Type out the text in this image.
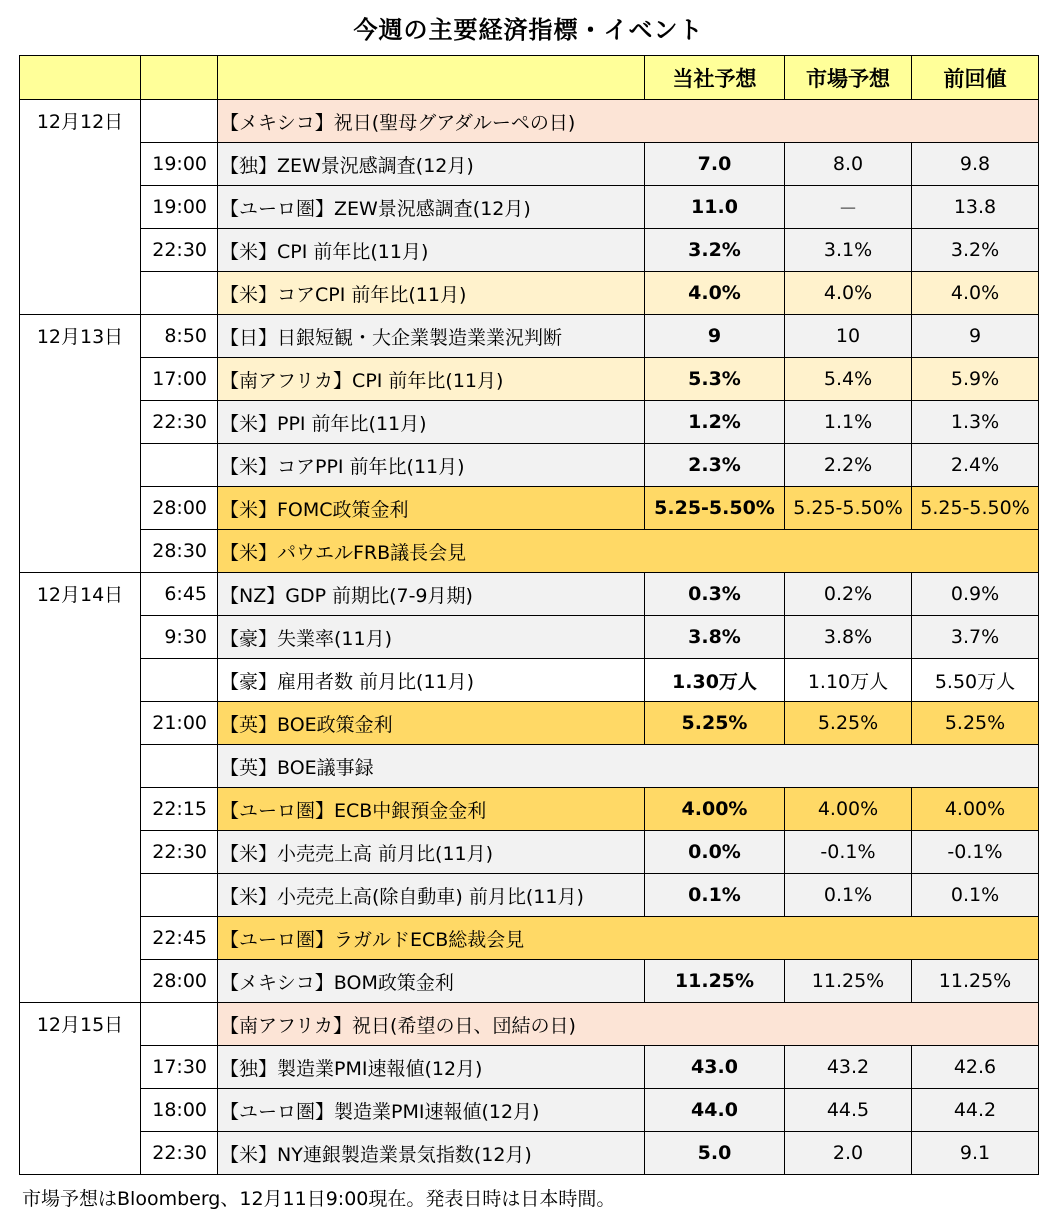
今週の主要経済指標・イベント
			当社予想	市場予想	前回値
12月12日		【メキシコ】祝日(聖母グアダルーペの日)			
	19:00	【独】ZEW景況感調査(12月)	7.0	8.0	9.8
	19:00	【ユーロ圏】ZEW景況感調査(12月)	11.0	－	13.8
	22:30	【米】CPI 前年比(11月)	3.2%	3.1%	3.2%
		【米】コアCPI 前年比(11月)	4.0%	4.0%	4.0%
12月13日	8:50	【日】日銀短観・大企業製造業業況判断	9	10	9
	17:00	【南アフリカ】CPI 前年比(11月)	5.3%	5.4%	5.9%
	22:30	【米】PPI 前年比(11月)	1.2%	1.1%	1.3%
		【米】コアPPI 前年比(11月)	2.3%	2.2%	2.4%
	28:00	【米】FOMC政策金利	5.25-5.50%	5.25-5.50%	5.25-5.50%
	28:30	【米】パウエルFRB議長会見			
12月14日	6:45	【NZ】GDP 前期比(7-9月期)	0.3%	0.2%	0.9%
	9:30	【豪】失業率(11月)	3.8%	3.8%	3.7%
		【豪】雇用者数 前月比(11月)	1.30万人	1.10万人	5.50万人
	21:00	【英】BOE政策金利	5.25%	5.25%	5.25%
		【英】BOE議事録			
	22:15	【ユーロ圏】ECB中銀預金金利	4.00%	4.00%	4.00%
	22:30	【米】小売売上高 前月比(11月)	0.0%	-0.1%	-0.1%
		【米】小売売上高(除自動車) 前月比(11月)	0.1%	0.1%	0.1%
	22:45	【ユーロ圏】ラガルドECB総裁会見			
	28:00	【メキシコ】BOM政策金利	11.25%	11.25%	11.25%
12月15日		【南アフリカ】祝日(希望の日、団結の日)			
	17:30	【独】製造業PMI速報値(12月)	43.0	43.2	42.6
	18:00	【ユーロ圏】製造業PMI速報値(12月)	44.0	44.5	44.2
	22:30	【米】NY連銀製造業景気指数(12月)	5.0	2.0	9.1
市場予想はBloomberg、12月11日9:00現在。発表日時は日本時間。
